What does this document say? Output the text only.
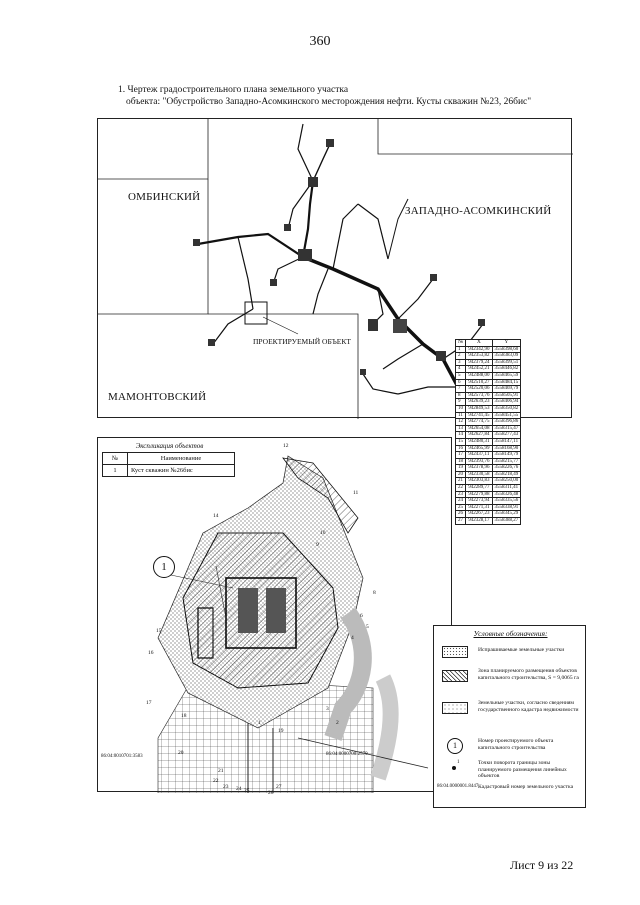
360
1. Чертеж градостроительного плана земельного участка
объекта: "Обустройство Западно-Асомкинского месторождения нефти. Кусты скважин №23, 26бис"
ОМБИНСКИЙ
ЗАПАДНО-АСОМКИНСКИЙ
МАМОНТОВСКИЙ
ПРОЕКТИРУЕМЫЙ ОБЪЕКТ	№	X	Y
1	942342,90	3558398,60
2	942353,82	3558383,09
3	942379,24	3558399,51
4	942452,21	3558446,82
5	942488,00	3558465,59
6	942510,27	3558484,15
7	942520,06	3558469,79
8	942573,76	3558505,91
9	942639,23	3558406,94
10	942849,53	3558350,82
11	942741,45	3558451,55
12	942774,75	3558396,86
13	942654,08	3558315,47
14	942627,84	3558277,43
15	942480,31	3558147,11
16	942465,99	3558168,90
17	942437,11	3558149,79
18	942393,76	3558215,77
19	942378,96	3558226,76
20	942330,58	3558218,49
21	942303,83	3558250,00
22	942289,77	3558311,41
23	942279,88	3558326,48
24	942273,94	3558335,56
25	942271,31	3558338,91
26	942267,23	3558345,29
27	942328,17	3558388,27
Экспликация объектов
№	Наименование
1	Куст скважин №26бис
1
12
11
14
10
9
8
7
6
5
4
3
2
1
15
16
17
18
19
20
21
22
23 24 25	26
27
86:04:0000700:2579
86:04:0010701:3583
Условные обозначения:
Испрашиваемые земельные участки
Зона планируемого размещения объектов капитального строительства, S = 9,0065 га
Земельные участки, согласно сведениям государственного кадастра недвижимости
1	Номер проектируемого объекта капитального строительства
1	Точки поворота границы зоны планируемого размещения линейных объектов
86:04.0000001.8447 Кадастровый номер земельного участка
Лист 9 из 22
